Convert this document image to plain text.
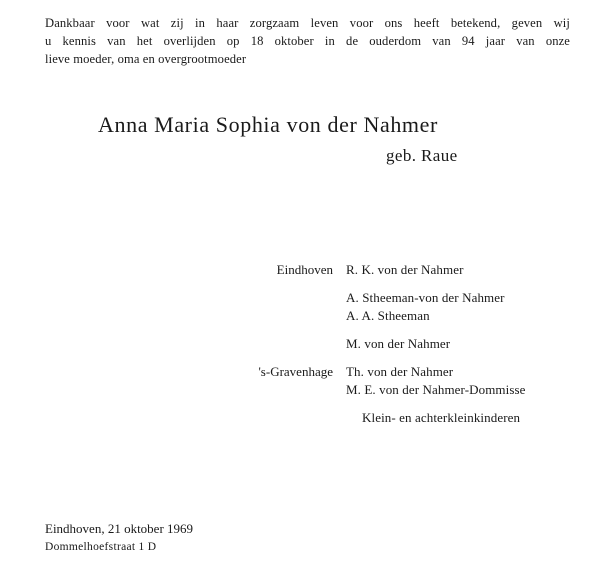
Dankbaar voor wat zij in haar zorgzaam leven voor ons heeft betekend, geven wij
u kennis van het overlijden op 18 oktober in de ouderdom van 94 jaar van onze
lieve moeder, oma en overgrootmoeder
Anna Maria Sophia von der Nahmer
geb. Raue
Eindhoven R. K. von der Nahmer
A. Stheeman-von der Nahmer
A. A. Stheeman
M. von der Nahmer
's-Gravenhage Th. von der Nahmer
M. E. von der Nahmer-Dommisse
Klein- en achterkleinkinderen
Eindhoven, 21 oktober 1969
Dommelhoefstraat 1 D
